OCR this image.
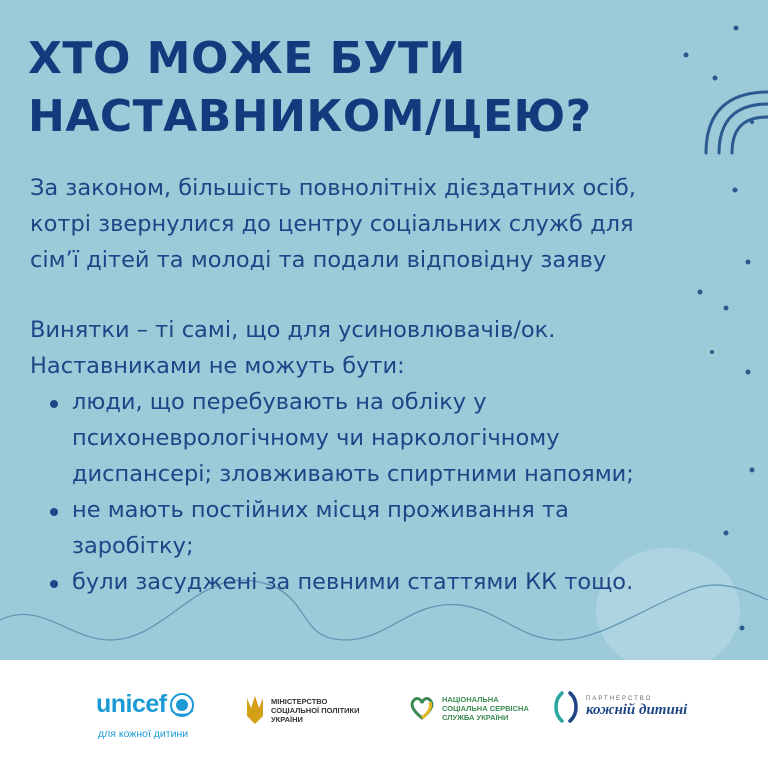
ХТО МОЖЕ БУТИ
НАСТАВНИКОМ/ЦЕЮ?
За законом, більшість повнолітніх дієздатних осіб,
котрі звернулися до центру соціальних служб для
сім’ї дітей та молоді та подали відповідну заяву
Винятки – ті самі, що для усиновлювачів/ок.
Наставниками не можуть бути:
люди, що перебувають на обліку у
психоневрологічному чи наркологічному
диспансері; зловживають спиртними напоями;
не мають постійних місця проживання та
заробітку;
були засуджені за певними статтями КК тощо.
unicef
для кожної дитини
МІНІСТЕРСТВО
СОЦІАЛЬНОЇ ПОЛІТИКИ
УКРАЇНИ
НАЦІОНАЛЬНА
СОЦІАЛЬНА СЕРВІСНА
СЛУЖБА УКРАЇНИ
ПАРТНЕРСТВО
кожній дитині
